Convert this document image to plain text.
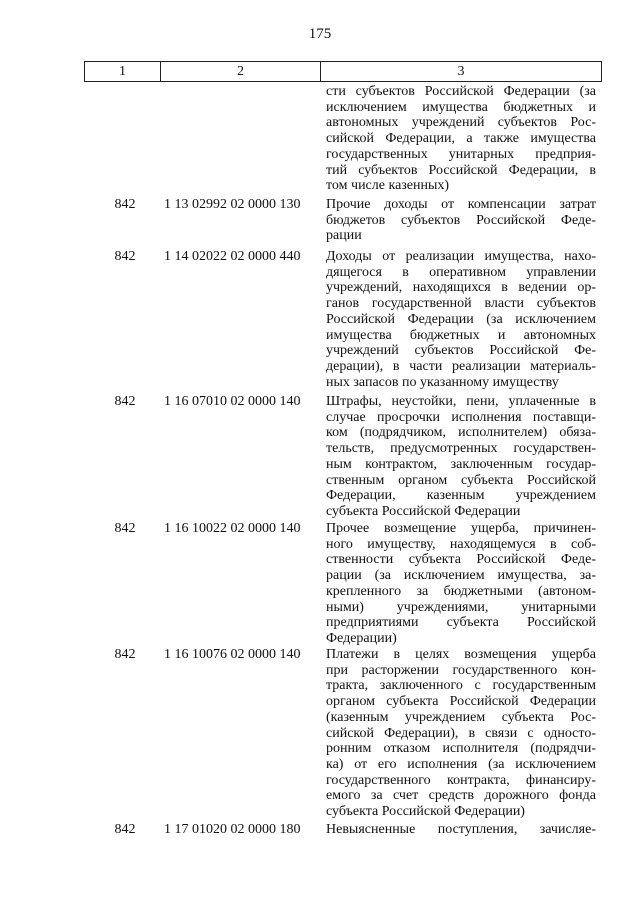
175
1	2	3
сти субъектов Российской Федерации (за
исключением имущества бюджетных и
автономных учреждений субъектов Рос-
сийской Федерации, а также имущества
государственных унитарных предприя-
тий субъектов Российской Федерации, в
том числе казенных)
842	1 13 02992 02 0000 130	Прочие доходы от компенсации затрат
бюджетов субъектов Российской Феде-
рации
842	1 14 02022 02 0000 440	Доходы от реализации имущества, нахо-
дящегося в оперативном управлении
учреждений, находящихся в ведении ор-
ганов государственной власти субъектов
Российской Федерации (за исключением
имущества бюджетных и автономных
учреждений субъектов Российской Фе-
дерации), в части реализации материаль-
ных запасов по указанному имуществу
842	1 16 07010 02 0000 140	Штрафы, неустойки, пени, уплаченные в
случае просрочки исполнения поставщи-
ком (подрядчиком, исполнителем) обяза-
тельств, предусмотренных государствен-
ным контрактом, заключенным государ-
ственным органом субъекта Российской
Федерации, казенным учреждением
субъекта Российской Федерации
842	1 16 10022 02 0000 140	Прочее возмещение ущерба, причинен-
ного имуществу, находящемуся в соб-
ственности субъекта Российской Феде-
рации (за исключением имущества, за-
крепленного за бюджетными (автоном-
ными) учреждениями, унитарными
предприятиями субъекта Российской
Федерации)
842	1 16 10076 02 0000 140	Платежи в целях возмещения ущерба
при расторжении государственного кон-
тракта, заключенного с государственным
органом субъекта Российской Федерации
(казенным учреждением субъекта Рос-
сийской Федерации), в связи с односто-
ронним отказом исполнителя (подрядчи-
ка) от его исполнения (за исключением
государственного контракта, финансиру-
емого за счет средств дорожного фонда
субъекта Российской Федерации)
842	1 17 01020 02 0000 180	Невыясненные поступления, зачисляе-
